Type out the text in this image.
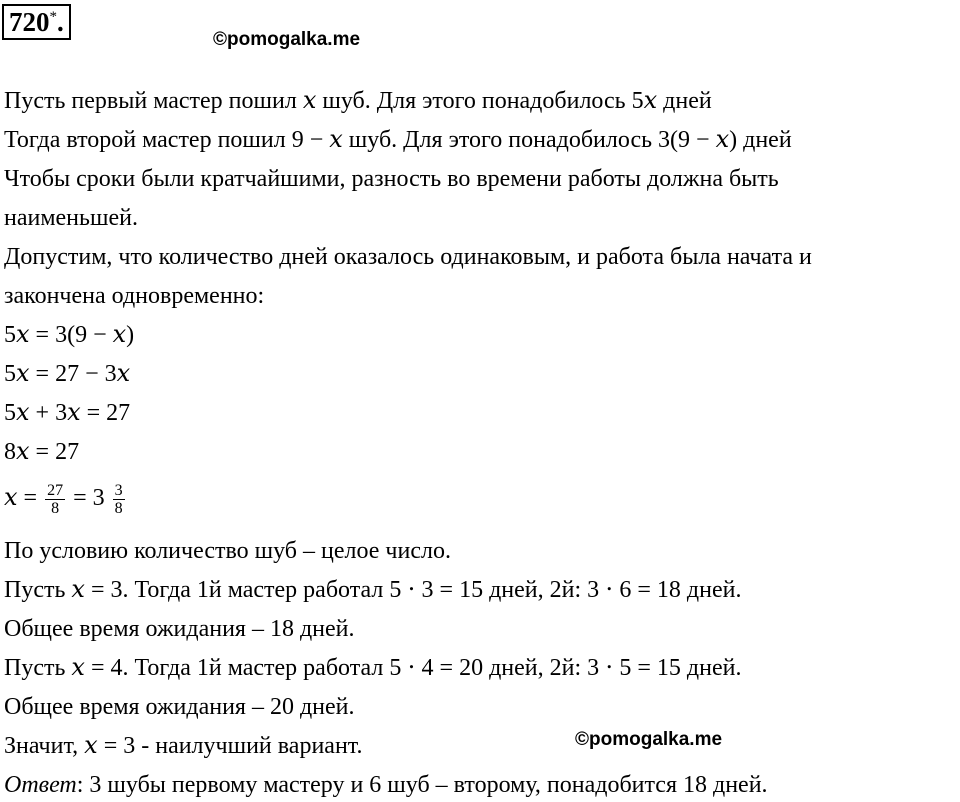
720*.
©pomogalka.me
Пусть первый мастер пошил 𝑥 шуб. Для этого понадобилось 5𝑥 дней
Тогда второй мастер пошил 9 − 𝑥 шуб. Для этого понадобилось 3(9 − 𝑥) дней
Чтобы сроки были кратчайшими, разность во времени работы должна быть
наименьшей.
Допустим, что количество дней оказалось одинаковым, и работа была начата и
закончена одновременно:
5𝑥 = 3(9 − 𝑥)
5𝑥 = 27 − 3𝑥
5𝑥 + 3𝑥 = 27
8𝑥 = 27
𝑥 = $\frac{27}{8} = 3 \frac{3}{8}$
По условию количество шуб – целое число.
Пусть 𝑥 = 3. Тогда 1й мастер работал 5 ⋅ 3 = 15 дней, 2й: 3 ⋅ 6 = 18 дней.
Общее время ожидания – 18 дней.
Пусть 𝑥 = 4. Тогда 1й мастер работал 5 ⋅ 4 = 20 дней, 2й: 3 ⋅ 5 = 15 дней.
Общее время ожидания – 20 дней.
Значит, 𝑥 = 3 - наилучший вариант.
Ответ: 3 шубы первому мастеру и 6 шуб – второму, понадобится 18 дней.
©pomogalka.me
